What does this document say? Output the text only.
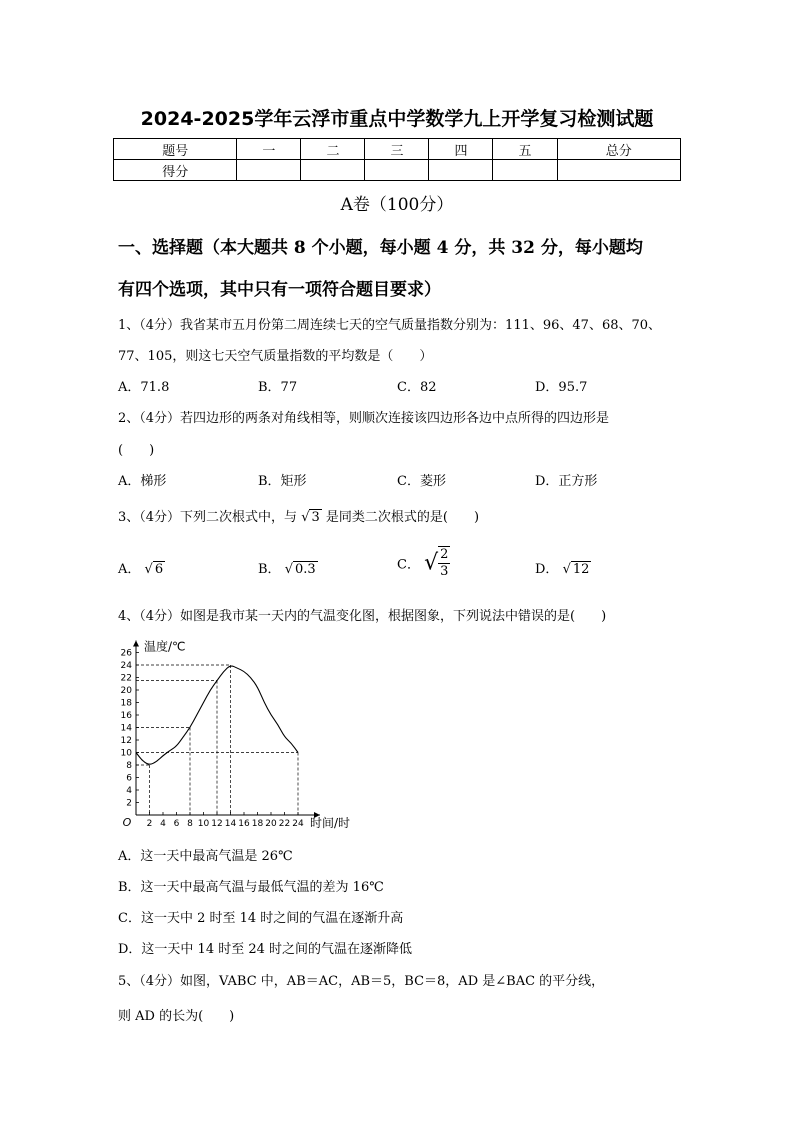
2024-2025学年云浮市重点中学数学九上开学复习检测试题
题号	一	二	三	四	五	总分
得分						
A卷（100分）
一、选择题（本大题共 8 个小题，每小题 4 分，共 32 分，每小题均
有四个选项，其中只有一项符合题目要求）
1、（4分）我省某市五月份第二周连续七天的空气质量指数分别为：111、96、47、68、70、
77、105，则这七天空气质量指数的平均数是（　　）
A．71.8	B．77	C．82	D．95.7
2、（4分）若四边形的两条对角线相等，则顺次连接该四边形各边中点所得的四边形是
(　　)
A．梯形	B．矩形	C．菱形	D．正方形
3、（4分）下列二次根式中，与 √ 3 是同类二次根式的是(　　)
A． √ 6	B． √ 0.3	C． √ $\frac{2}{3}$	D． √ 12
4、（4分）如图是我市某一天内的气温变化图，根据图象，下列说法中错误的是(　　)
2
4
6
8
10
12
14
16
18
20
22
24
26
2 4 6 8 10 12 14 16 18 20 22 24
O
温度/℃
时间/时
A．这一天中最高气温是 26℃
B．这一天中最高气温与最低气温的差为 16℃
C．这一天中 2 时至 14 时之间的气温在逐渐升高
D．这一天中 14 时至 24 时之间的气温在逐渐降低
5、（4分）如图，VABC 中，AB＝AC，AB＝5，BC＝8，AD 是∠BAC 的平分线，
则 AD 的长为(　　)
